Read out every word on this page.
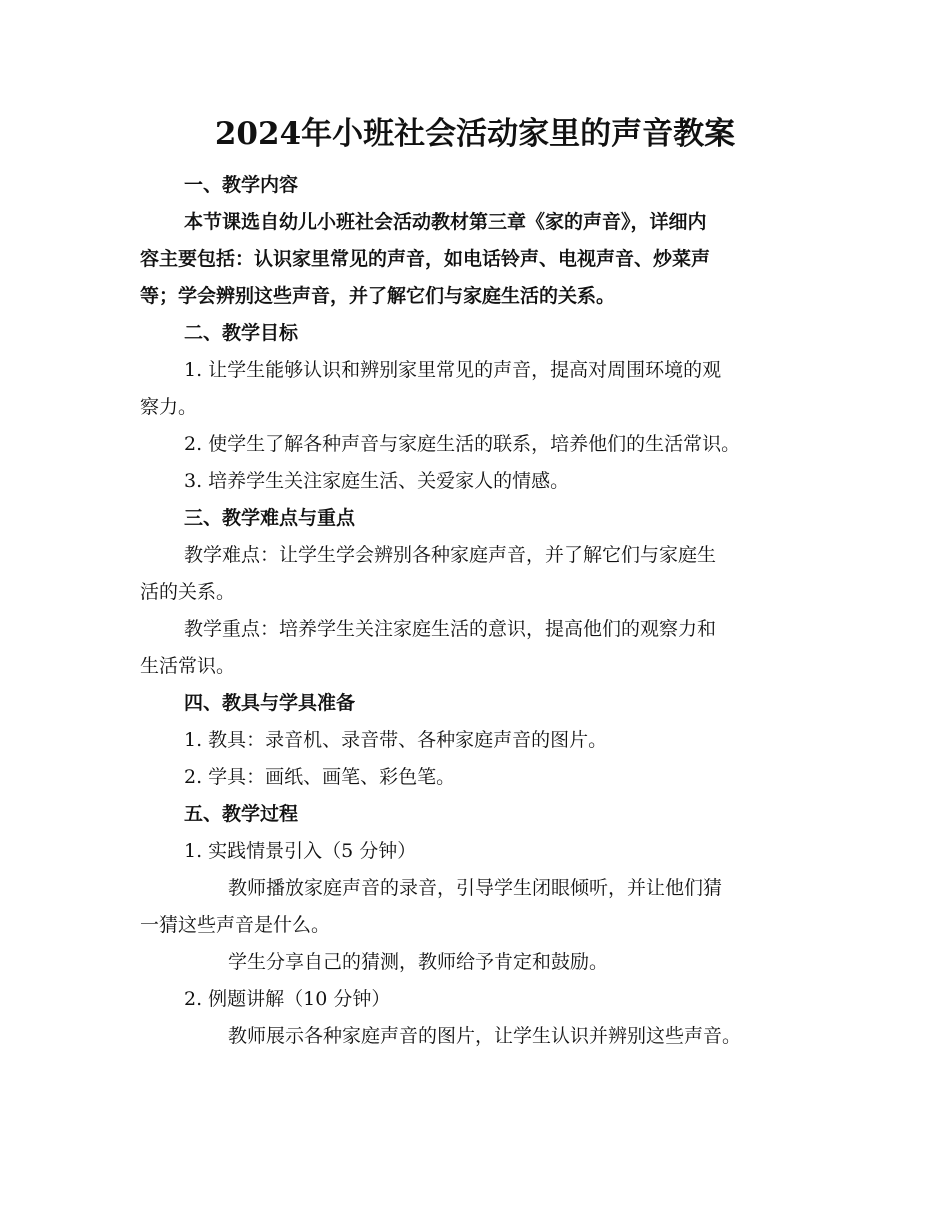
2024年小班社会活动家里的声音教案
一、教学内容
本节课选自幼儿小班社会活动教材第三章《家的声音》，详细内
容主要包括：认识家里常见的声音，如电话铃声、电视声音、炒菜声
等；学会辨别这些声音，并了解它们与家庭生活的关系。
二、教学目标
1. 让学生能够认识和辨别家里常见的声音，提高对周围环境的观
察力。
2. 使学生了解各种声音与家庭生活的联系，培养他们的生活常识。
3. 培养学生关注家庭生活、关爱家人的情感。
三、教学难点与重点
教学难点：让学生学会辨别各种家庭声音，并了解它们与家庭生
活的关系。
教学重点：培养学生关注家庭生活的意识，提高他们的观察力和
生活常识。
四、教具与学具准备
1. 教具：录音机、录音带、各种家庭声音的图片。
2. 学具：画纸、画笔、彩色笔。
五、教学过程
1. 实践情景引入（5 分钟）
教师播放家庭声音的录音，引导学生闭眼倾听，并让他们猜
一猜这些声音是什么。
学生分享自己的猜测，教师给予肯定和鼓励。
2. 例题讲解（10 分钟）
教师展示各种家庭声音的图片，让学生认识并辨别这些声音。
